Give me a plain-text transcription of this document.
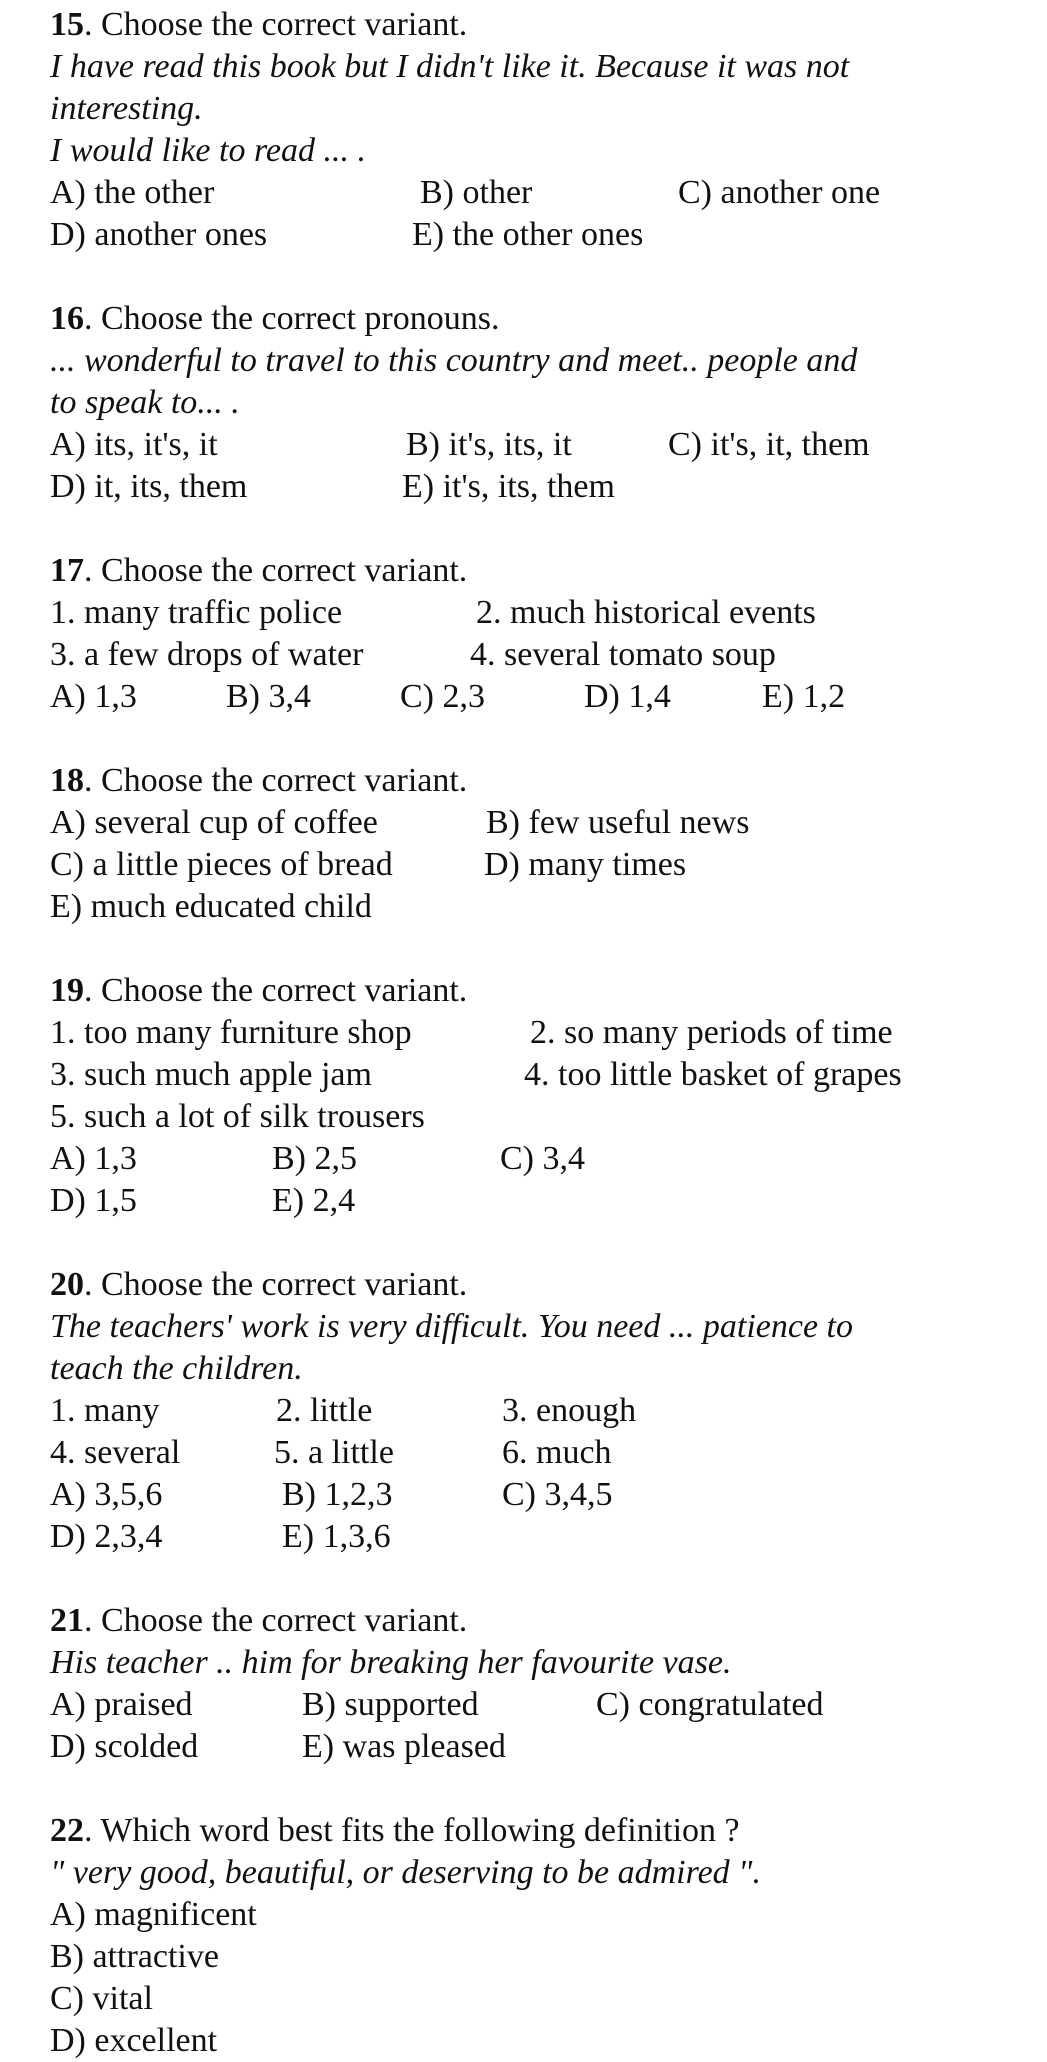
15. Choose the correct variant.
I have read this book but I didn't like it. Because it was not
interesting.
I would like to read ... .
A) the other	B) other	C) another one
D) another ones	E) the other ones
16. Choose the correct pronouns.
... wonderful to travel to this country and meet.. people and
to speak to... .
A) its, it's, it	B) it's, its, it	C) it's, it, them
D) it, its, them	E) it's, its, them
17. Choose the correct variant.
1. many traffic police	2. much historical events
3. a few drops of water	4. several tomato soup
A) 1,3	B) 3,4	C) 2,3	D) 1,4	E) 1,2
18. Choose the correct variant.
A) several cup of coffee	B) few useful news
C) a little pieces of bread	D) many times
E) much educated child
19. Choose the correct variant.
1. too many furniture shop	2. so many periods of time
3. such much apple jam	4. too little basket of grapes
5. such a lot of silk trousers
A) 1,3	B) 2,5	C) 3,4
D) 1,5	E) 2,4
20. Choose the correct variant.
The teachers' work is very difficult. You need ... patience to
teach the children.
1. many	2. little	3. enough
4. several	5. a little	6. much
A) 3,5,6	B) 1,2,3	C) 3,4,5
D) 2,3,4	E) 1,3,6
21. Choose the correct variant.
His teacher .. him for breaking her favourite vase.
A) praised	B) supported	C) congratulated
D) scolded	E) was pleased
22. Which word best fits the following definition ?
" very good, beautiful, or deserving to be admired ".
A) magnificent
B) attractive
C) vital
D) excellent
